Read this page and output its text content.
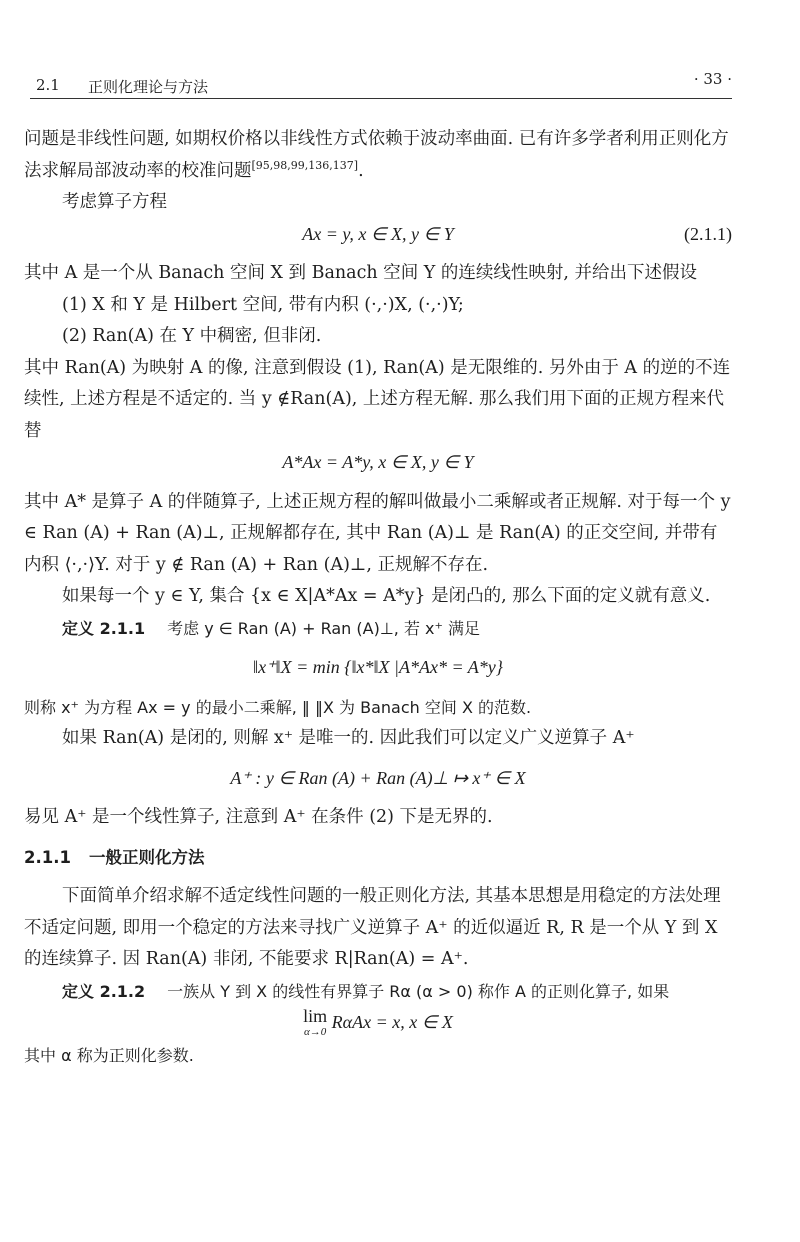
2.1 正则化理论与方法	· 33 ·

问题是非线性问题, 如期权价格以非线性方式依赖于波动率曲面. 已有许多学者利用正则化方法求解局部波动率的校准问题[95,98,99,136,137].

考虑算子方程

Ax = y, x ∈ X, y ∈ Y	(2.1.1)

其中 A 是一个从 Banach 空间 X 到 Banach 空间 Y 的连续线性映射, 并给出下述假设

(1) X 和 Y 是 Hilbert 空间, 带有内积 (·,·)X, (·,·)Y;

(2) Ran(A) 在 Y 中稠密, 但非闭.

其中 Ran(A) 为映射 A 的像, 注意到假设 (1), Ran(A) 是无限维的. 另外由于 A 的逆的不连续性, 上述方程是不适定的. 当 y ∉Ran(A), 上述方程无解. 那么我们用下面的正规方程来代替

A*Ax = A*y, x ∈ X, y ∈ Y

其中 A* 是算子 A 的伴随算子, 上述正规方程的解叫做最小二乘解或者正规解. 对于每一个 y ∈ Ran (A) + Ran (A)⊥, 正规解都存在, 其中 Ran (A)⊥ 是 Ran(A) 的正交空间, 并带有内积 ⟨·,·⟩Y. 对于 y ∉ Ran (A) + Ran (A)⊥, 正规解不存在.

如果每一个 y ∈ Y, 集合 {x ∈ X|A*Ax = A*y} 是闭凸的, 那么下面的定义就有意义.

定义 2.1.1 考虑 y ∈ Ran (A) + Ran (A)⊥, 若 x⁺ 满足

‖x⁺‖X = min {‖x*‖X |A*Ax* = A*y}

则称 x⁺ 为方程 Ax = y 的最小二乘解, ‖ ‖X 为 Banach 空间 X 的范数.

如果 Ran(A) 是闭的, 则解 x⁺ 是唯一的. 因此我们可以定义广义逆算子 A⁺

A⁺ : y ∈ Ran (A) + Ran (A)⊥ ↦ x⁺ ∈ X

易见 A⁺ 是一个线性算子, 注意到 A⁺ 在条件 (2) 下是无界的.

2.1.1 一般正则化方法

下面简单介绍求解不适定线性问题的一般正则化方法, 其基本思想是用稳定的方法处理不适定问题, 即用一个稳定的方法来寻找广义逆算子 A⁺ 的近似逼近 R, R 是一个从 Y 到 X 的连续算子. 因 Ran(A) 非闭, 不能要求 R|Ran(A) = A⁺.

定义 2.1.2 一族从 Y 到 X 的线性有界算子 Rα (α > 0) 称作 A 的正则化算子, 如果

lim
α→0 RαAx = x, x ∈ X

其中 α 称为正则化参数.
